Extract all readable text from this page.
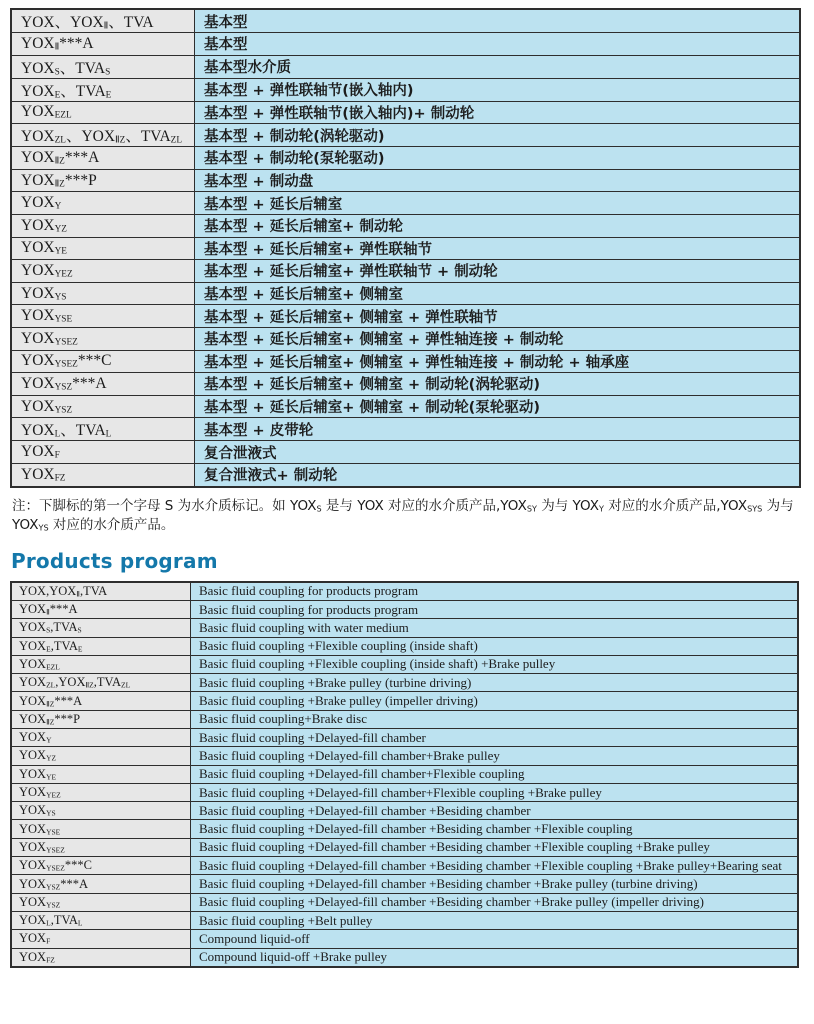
YOX、$YOX_Ⅱ$、TVA	基本型
$YOX_Ⅱ***A$	基本型
$YOX_S$、$TVA_S$	基本型水介质
$YOX_E$、$TVA_E$	基本型 + 弹性联轴节(嵌入轴内)
$YOX_{EZL}$	基本型 + 弹性联轴节(嵌入轴内)+ 制动轮
$YOX_{ZL}$、$YOX_{ⅡZ}$、$TVA_{ZL}$	基本型 + 制动轮(涡轮驱动)
$YOX_{ⅡZ}***A$	基本型 + 制动轮(泵轮驱动)
$YOX_{ⅡZ}***P$	基本型 + 制动盘
$YOX_Y$	基本型 + 延长后辅室
$YOX_{YZ}$	基本型 + 延长后辅室+ 制动轮
$YOX_{YE}$	基本型 + 延长后辅室+ 弹性联轴节
$YOX_{YEZ}$	基本型 + 延长后辅室+ 弹性联轴节 + 制动轮
$YOX_{YS}$	基本型 + 延长后辅室+ 侧辅室
$YOX_{YSE}$	基本型 + 延长后辅室+ 侧辅室 + 弹性联轴节
$YOX_{YSEZ}$	基本型 + 延长后辅室+ 侧辅室 + 弹性轴连接 + 制动轮
$YOX_{YSEZ}***C$	基本型 + 延长后辅室+ 侧辅室 + 弹性轴连接 + 制动轮 + 轴承座
$YOX_{YSZ}***A$	基本型 + 延长后辅室+ 侧辅室 + 制动轮(涡轮驱动)
$YOX_{YSZ}$	基本型 + 延长后辅室+ 侧辅室 + 制动轮(泵轮驱动)
$YOX_L$、$TVA_L$	基本型 + 皮带轮
$YOX_F$	复合泄液式
$YOX_{FZ}$	复合泄液式+ 制动轮
注：下脚标的第一个字母 S 为水介质标记。如 $YOX_S$ 是与 YOX 对应的水介质产品$,YOX_{SY}$ 为与 $YOX_Y$ 对应的水介质产品$,YOX_{SYS}$ 为与 $YOX_{YS}$ 对应的水介质产品。
Products program
$YOX,YOX_Ⅱ,TVA$	Basic fluid coupling for products program
$YOX_Ⅱ***A$	Basic fluid coupling for products program
$YOX_S,TVA_S$	Basic fluid coupling with water medium
$YOX_E,TVA_E$	Basic fluid coupling +Flexible coupling (inside shaft)
$YOX_{EZL}$	Basic fluid coupling +Flexible coupling (inside shaft) +Brake pulley
$YOX_{ZL},YOX_{ⅡZ},TVA_{ZL}$	Basic fluid coupling +Brake pulley (turbine driving)
$YOX_{ⅡZ}***A$	Basic fluid coupling +Brake pulley (impeller driving)
$YOX_{ⅡZ}***P$	Basic fluid coupling+Brake disc
$YOX_Y$	Basic fluid coupling +Delayed-fill chamber
$YOX_{YZ}$	Basic fluid coupling +Delayed-fill chamber+Brake pulley
$YOX_{YE}$	Basic fluid coupling +Delayed-fill chamber+Flexible coupling
$YOX_{YEZ}$	Basic fluid coupling +Delayed-fill chamber+Flexible coupling +Brake pulley
$YOX_{YS}$	Basic fluid coupling +Delayed-fill chamber +Besiding chamber
$YOX_{YSE}$	Basic fluid coupling +Delayed-fill chamber +Besiding chamber +Flexible coupling
$YOX_{YSEZ}$	Basic fluid coupling +Delayed-fill chamber +Besiding chamber +Flexible coupling +Brake pulley
$YOX_{YSEZ}***C$	Basic fluid coupling +Delayed-fill chamber +Besiding chamber +Flexible coupling +Brake pulley+Bearing seat
$YOX_{YSZ}***A$	Basic fluid coupling +Delayed-fill chamber +Besiding chamber +Brake pulley (turbine driving)
$YOX_{YSZ}$	Basic fluid coupling +Delayed-fill chamber +Besiding chamber +Brake pulley (impeller driving)
$YOX_L,TVA_L$	Basic fluid coupling +Belt pulley
$YOX_F$	Compound liquid-off
$YOX_{FZ}$	Compound liquid-off +Brake pulley
